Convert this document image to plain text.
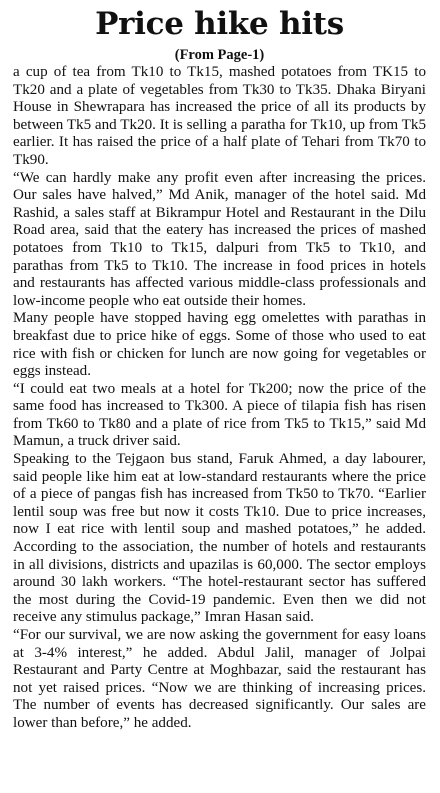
Price hike hits
(From Page-1)

a cup of tea from Tk10 to Tk15, mashed potatoes from TK15 to Tk20 and a plate of vegetables from Tk30 to Tk35. Dhaka Biryani House in Shewrapara has increased the price of all its products by between Tk5 and Tk20. It is selling a paratha for Tk10, up from Tk5 earlier. It has raised the price of a half plate of Tehari from Tk70 to Tk90.

“We can hardly make any profit even after increasing the prices. Our sales have halved,” Md Anik, manager of the hotel said. Md Rashid, a sales staff at Bikrampur Hotel and Restaurant in the Dilu Road area, said that the eatery has increased the prices of mashed potatoes from Tk10 to Tk15, dalpuri from Tk5 to Tk10, and parathas from Tk5 to Tk10. The increase in food prices in hotels and restaurants has affected various middle-class professionals and low-income people who eat outside their homes.

Many people have stopped having egg omelettes with parathas in breakfast due to price hike of eggs. Some of those who used to eat rice with fish or chicken for lunch are now going for vegetables or eggs instead.

“I could eat two meals at a hotel for Tk200; now the price of the same food has increased to Tk300. A piece of tilapia fish has risen from Tk60 to Tk80 and a plate of rice from Tk5 to Tk15,” said Md Mamun, a truck driver said.

Speaking to the Tejgaon bus stand, Faruk Ahmed, a day labourer, said people like him eat at low-standard restaurants where the price of a piece of pangas fish has increased from Tk50 to Tk70. “Earlier lentil soup was free but now it costs Tk10. Due to price increases, now I eat rice with lentil soup and mashed potatoes,” he added. According to the association, the number of hotels and restaurants in all divisions, districts and upazilas is 60,000. The sector employs around 30 lakh workers. “The hotel-restaurant sector has suffered the most during the Covid-19 pandemic. Even then we did not receive any stimulus package,” Imran Hasan said.

“For our survival, we are now asking the government for easy loans at 3-4% interest,” he added. Abdul Jalil, manager of Jolpai Restaurant and Party Centre at Moghbazar, said the restaurant has not yet raised prices. “Now we are thinking of increasing prices. The number of events has decreased significantly. Our sales are lower than before,” he added.
